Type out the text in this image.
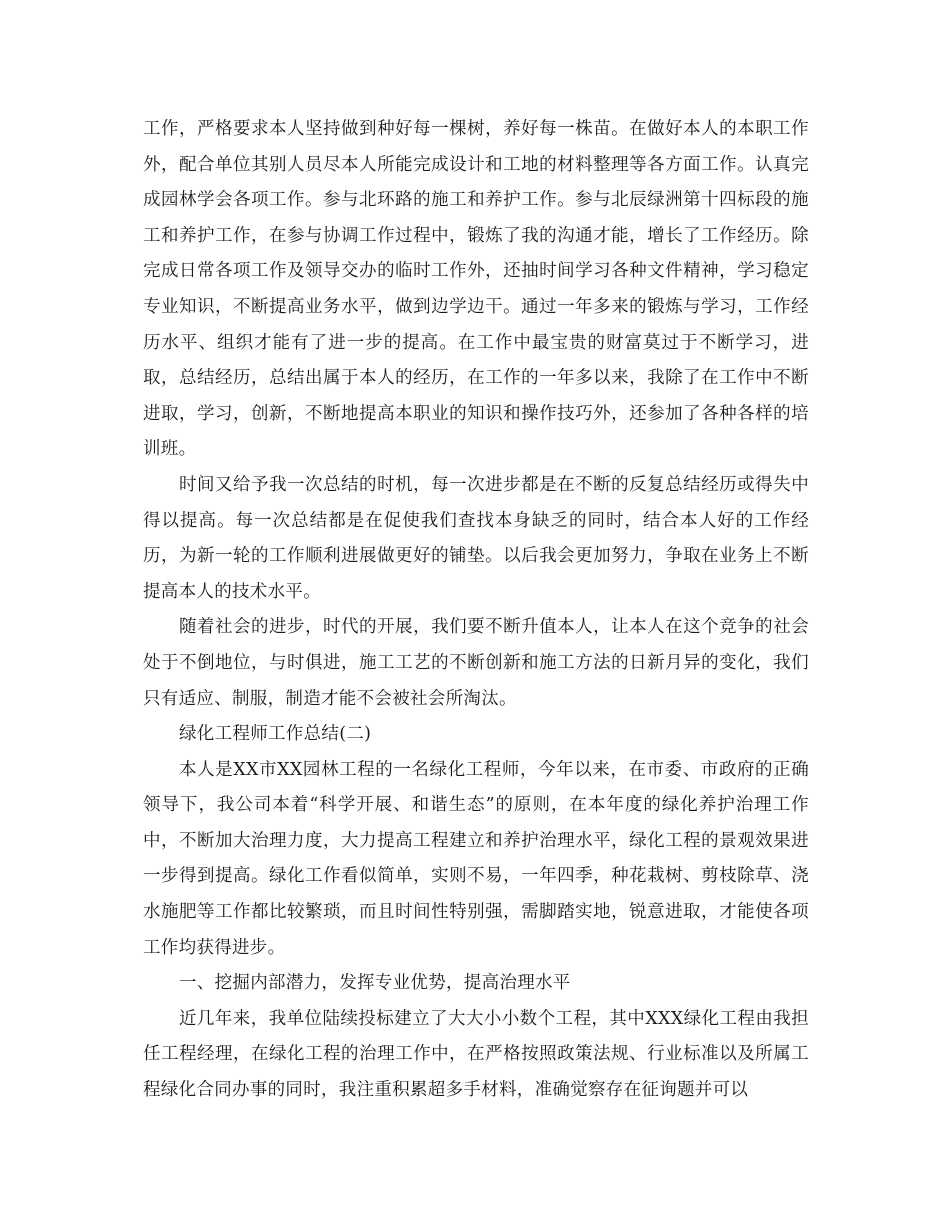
工作，严格要求本人坚持做到种好每一棵树，养好每一株苗。在做好本人的本职工作外，配合单位其别人员尽本人所能完成设计和工地的材料整理等各方面工作。认真完成园林学会各项工作。参与北环路的施工和养护工作。参与北辰绿洲第十四标段的施工和养护工作，在参与协调工作过程中，锻炼了我的沟通才能，增长了工作经历。除完成日常各项工作及领导交办的临时工作外，还抽时间学习各种文件精神，学习稳定专业知识，不断提高业务水平，做到边学边干。通过一年多来的锻炼与学习，工作经历水平、组织才能有了进一步的提高。在工作中最宝贵的财富莫过于不断学习，进取，总结经历，总结出属于本人的经历，在工作的一年多以来，我除了在工作中不断进取，学习，创新，不断地提高本职业的知识和操作技巧外，还参加了各种各样的培训班。

时间又给予我一次总结的时机，每一次进步都是在不断的反复总结经历或得失中得以提高。每一次总结都是在促使我们查找本身缺乏的同时，结合本人好的工作经历，为新一轮的工作顺利进展做更好的铺垫。以后我会更加努力，争取在业务上不断提高本人的技术水平。

随着社会的进步，时代的开展，我们要不断升值本人，让本人在这个竞争的社会处于不倒地位，与时俱进，施工工艺的不断创新和施工方法的日新月异的变化，我们只有适应、制服，制造才能不会被社会所淘汰。

绿化工程师工作总结(二)

本人是XX市XX园林工程的一名绿化工程师，今年以来，在市委、市政府的正确领导下，我公司本着“科学开展、和谐生态”的原则，在本年度的绿化养护治理工作中，不断加大治理力度，大力提高工程建立和养护治理水平，绿化工程的景观效果进一步得到提高。绿化工作看似简单，实则不易，一年四季，种花栽树、剪枝除草、浇水施肥等工作都比较繁琐，而且时间性特别强，需脚踏实地，锐意进取，才能使各项工作均获得进步。

一、挖掘内部潜力，发挥专业优势，提高治理水平

近几年来，我单位陆续投标建立了大大小小数个工程，其中XXX绿化工程由我担任工程经理，在绿化工程的治理工作中，在严格按照政策法规、行业标准以及所属工程绿化合同办事的同时，我注重积累超多手材料，准确觉察存在征询题并可以
